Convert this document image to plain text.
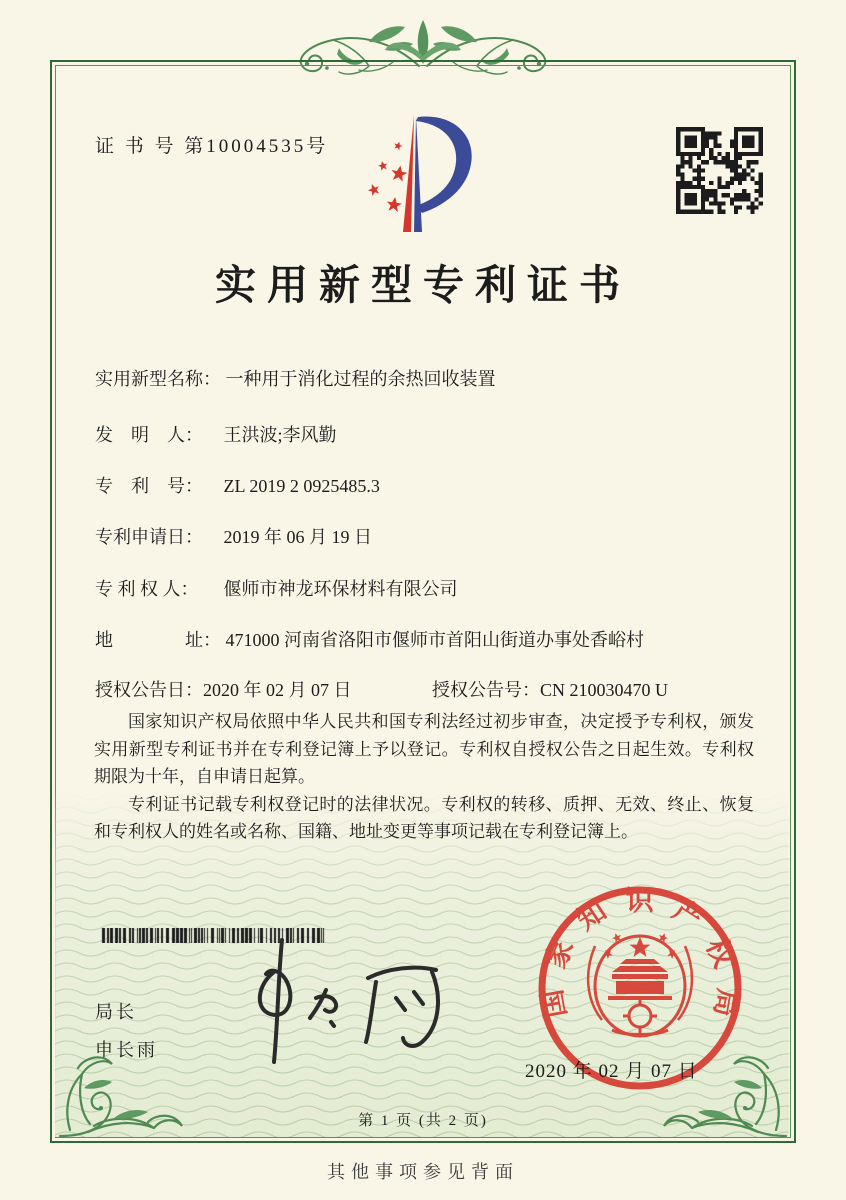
证 书 号 第10004535号
实用新型专利证书
实用新型名称： 一种用于消化过程的余热回收装置
发　明　人： 王洪波;李风勤
专　利　号： ZL 2019 2 0925485.3
专利申请日： 2019 年 06 月 19 日
专 利 权 人： 偃师市神龙环保材料有限公司
地　　　　址： 471000 河南省洛阳市偃师市首阳山街道办事处香峪村
授权公告日：2020 年 02 月 07 日	授权公告号：CN 210030470 U

国家知识产权局依照中华人民共和国专利法经过初步审查，决定授予专利权，颁发实用新型专利证书并在专利登记簿上予以登记。专利权自授权公告之日起生效。专利权期限为十年，自申请日起算。

专利证书记载专利权登记时的法律状况。专利权的转移、质押、无效、终止、恢复和专利权人的姓名或名称、国籍、地址变更等事项记载在专利登记簿上。

局长
申长雨
国家知识产权局
2020 年 02 月 07 日
第 1 页 (共 2 页)
其他事项参见背面
